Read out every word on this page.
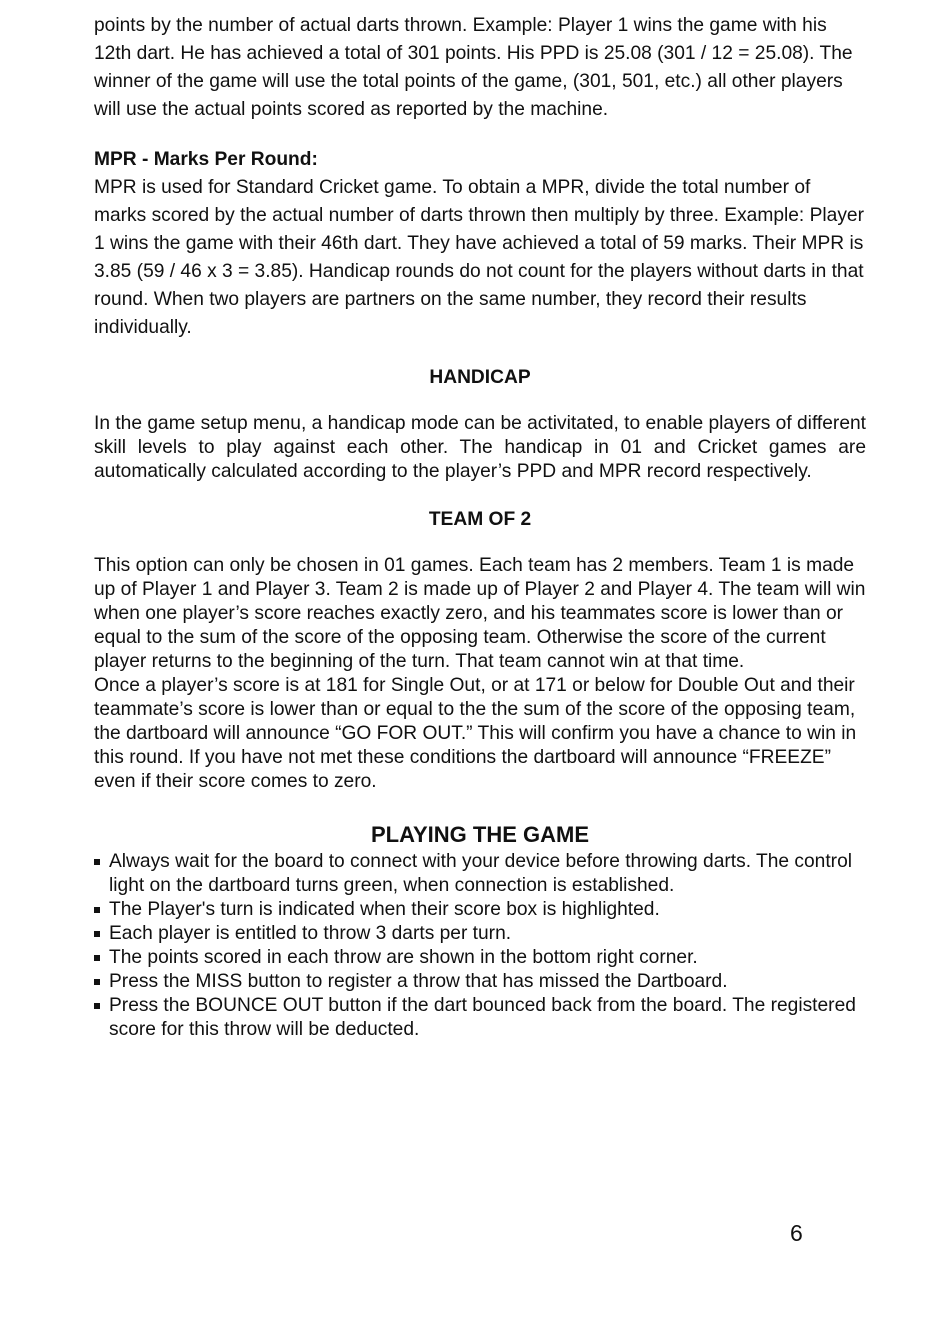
points by the number of actual darts thrown. Example: Player 1 wins the game with his 12th dart. He has achieved a total of 301 points. His PPD is 25.08 (301 / 12 = 25.08). The winner of the game will use the total points of the game, (301, 501, etc.) all other players will use the actual points scored as reported by the machine.

MPR - Marks Per Round:

MPR is used for Standard Cricket game. To obtain a MPR, divide the total number of marks scored by the actual number of darts thrown then multiply by three. Example: Player 1 wins the game with their 46th dart. They have achieved a total of 59 marks. Their MPR is 3.85 (59 / 46 x 3 = 3.85). Handicap rounds do not count for the players without darts in that round. When two players are partners on the same number, they record their results individually.

HANDICAP

In the game setup menu, a handicap mode can be activitated, to enable players of different skill levels to play against each other. The handicap in 01 and Cricket games are automatically calculated according to the player’s PPD and MPR record respectively.

TEAM OF 2

This option can only be chosen in 01 games. Each team has 2 members. Team 1 is made up of Player 1 and Player 3. Team 2 is made up of Player 2 and Player 4. The team will win when one player’s score reaches exactly zero, and his teammates score is lower than or equal to the sum of the score of the opposing team. Otherwise the score of the current player returns to the beginning of the turn. That team cannot win at that time.

Once a player’s score is at 181 for Single Out, or at 171 or below for Double Out and their teammate’s score is lower than or equal to the the sum of the score of the opposing team, the dartboard will announce “GO FOR OUT.” This will confirm you have a chance to win in this round. If you have not met these conditions the dartboard will announce “FREEZE” even if their score comes to zero.

PLAYING THE GAME
Always wait for the board to connect with your device before throwing darts. The control light on the dartboard turns green, when connection is established.
The Player's turn is indicated when their score box is highlighted.
Each player is entitled to throw 3 darts per turn.
The points scored in each throw are shown in the bottom right corner.
Press the MISS button to register a throw that has missed the Dartboard.
Press the BOUNCE OUT button if the dart bounced back from the board. The registered score for this throw will be deducted.
6
